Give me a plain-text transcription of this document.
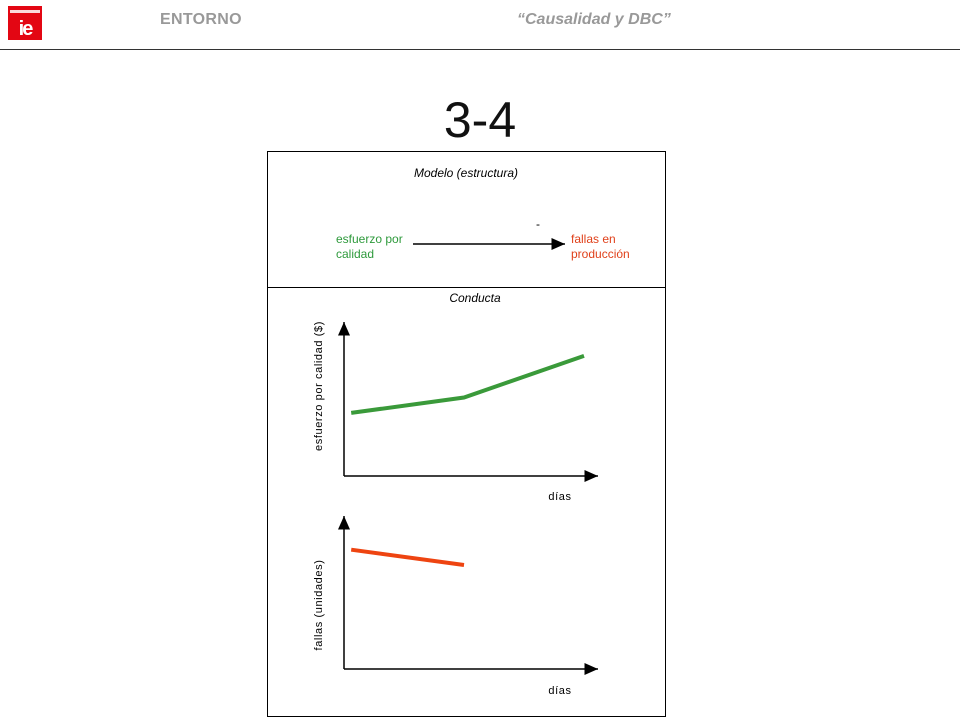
ie	ENTORNO	“Causalidad y DBC”
3-4
Modelo (estructura)
esfuerzo por
calidad
-
fallas en
producción
Conducta
esfuerzo por calidad ($)
días
fallas (unidades)
días
